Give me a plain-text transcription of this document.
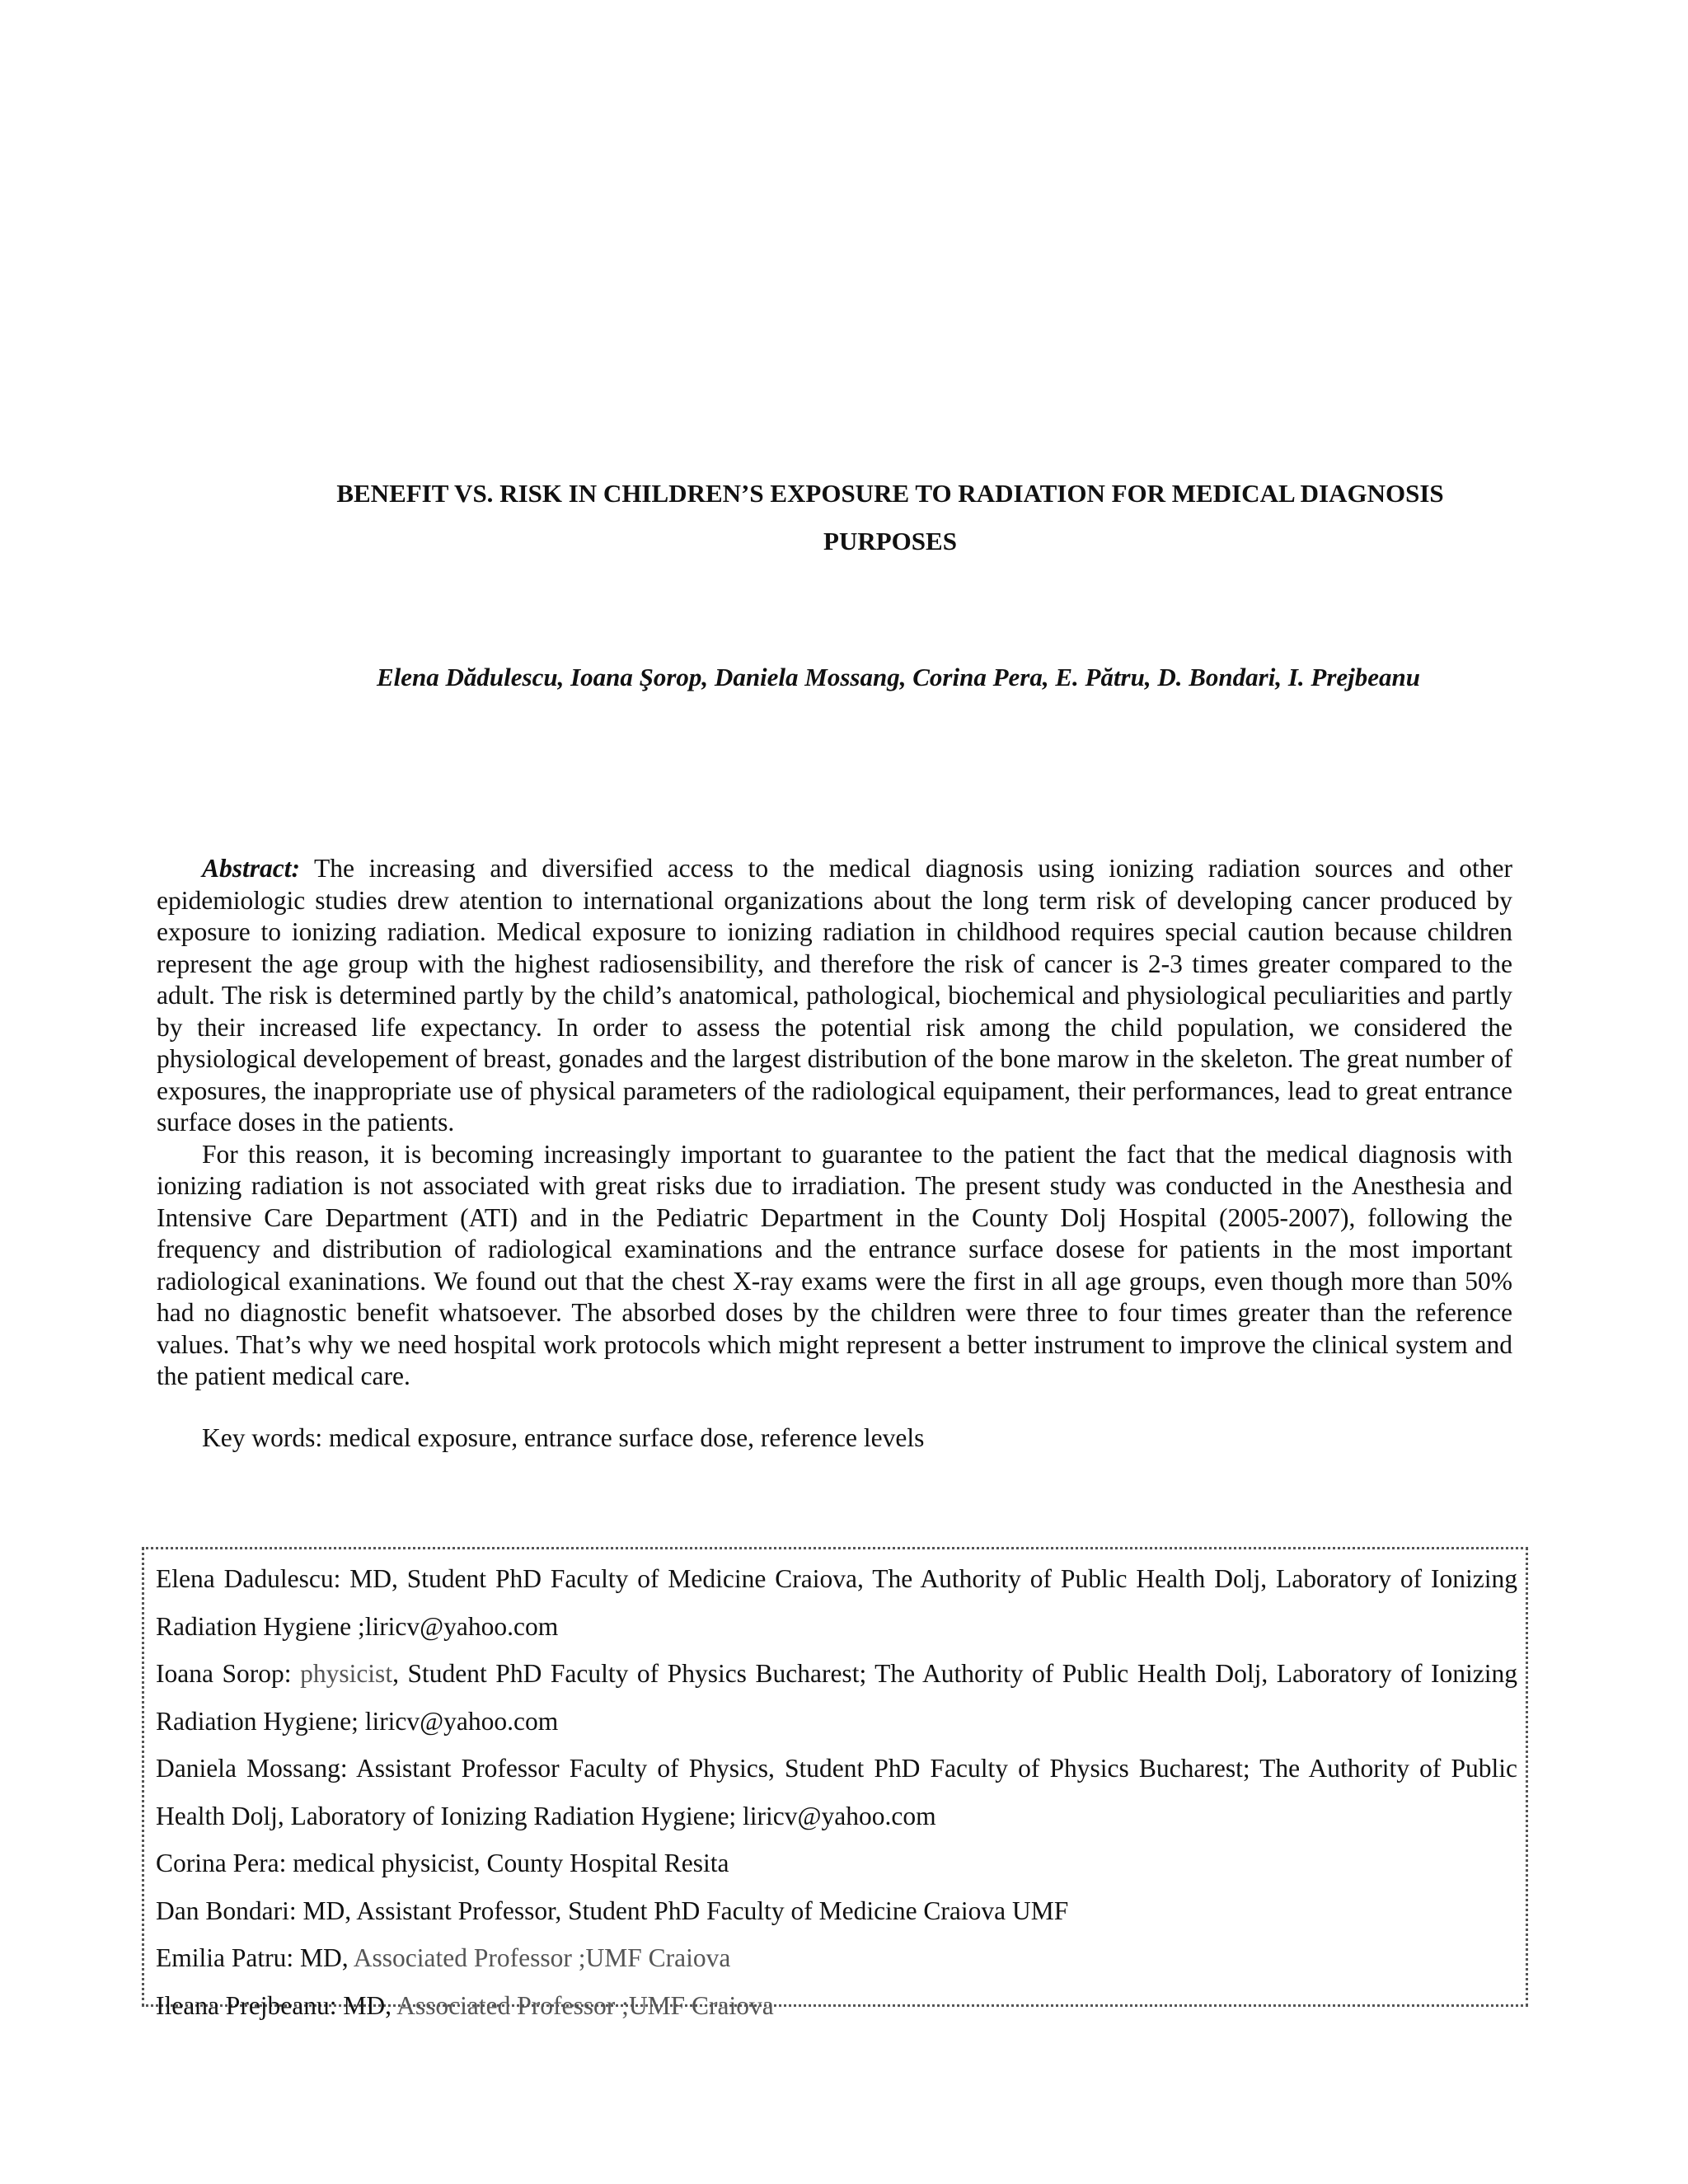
BENEFIT VS. RISK IN CHILDREN’S EXPOSURE TO RADIATION FOR MEDICAL DIAGNOSIS
PURPOSES

Elena Dădulescu, Ioana Şorop, Daniela Mossang, Corina Pera, E. Pătru, D. Bondari, I. Prejbeanu

Abstract: The increasing and diversified access to the medical diagnosis using ionizing radiation sources and other epidemiologic studies drew atention to international organizations about the long term risk of developing cancer produced by exposure to ionizing radiation. Medical exposure to ionizing radiation in childhood requires special caution because children represent the age group with the highest radiosensibility, and therefore the risk of cancer is 2-3 times greater compared to the adult. The risk is determined partly by the child’s anatomical, pathological, biochemical and physiological peculiarities and partly by their increased life expectancy. In order to assess the potential risk among the child population, we considered the physiological developement of breast, gonades and the largest distribution of the bone marow in the skeleton. The great number of exposures, the inappropriate use of physical parameters of the radiological equipament, their performances, lead to great entrance surface doses in the patients.

For this reason, it is becoming increasingly important to guarantee to the patient the fact that the medical diagnosis with ionizing radiation is not associated with great risks due to irradiation. The present study was conducted in the Anesthesia and Intensive Care Department (ATI) and in the Pediatric Department in the County Dolj Hospital (2005-2007), following the frequency and distribution of radiological examinations and the entrance surface dosese for patients in the most important radiological exaninations. We found out that the chest X-ray exams were the first in all age groups, even though more than 50% had no diagnostic benefit whatsoever. The absorbed doses by the children were three to four times greater than the reference values. That’s why we need hospital work protocols which might represent a better instrument to improve the clinical system and the patient medical care.

Key words: medical exposure, entrance surface dose, reference levels

Elena Dadulescu: MD, Student PhD Faculty of Medicine Craiova, The Authority of Public Health Dolj, Laboratory of Ionizing Radiation Hygiene ;liricv@yahoo.com

Ioana Sorop: physicist, Student PhD Faculty of Physics Bucharest; The Authority of Public Health Dolj, Laboratory of Ionizing Radiation Hygiene; liricv@yahoo.com

Daniela Mossang: Assistant Professor Faculty of Physics, Student PhD Faculty of Physics Bucharest; The Authority of Public Health Dolj, Laboratory of Ionizing Radiation Hygiene; liricv@yahoo.com

Corina Pera: medical physicist, County Hospital Resita

Dan Bondari: MD, Assistant Professor, Student PhD Faculty of Medicine Craiova UMF

Emilia Patru: MD, Associated Professor ;UMF Craiova

Ileana Prejbeanu: MD, Associated Professor ;UMF Craiova
